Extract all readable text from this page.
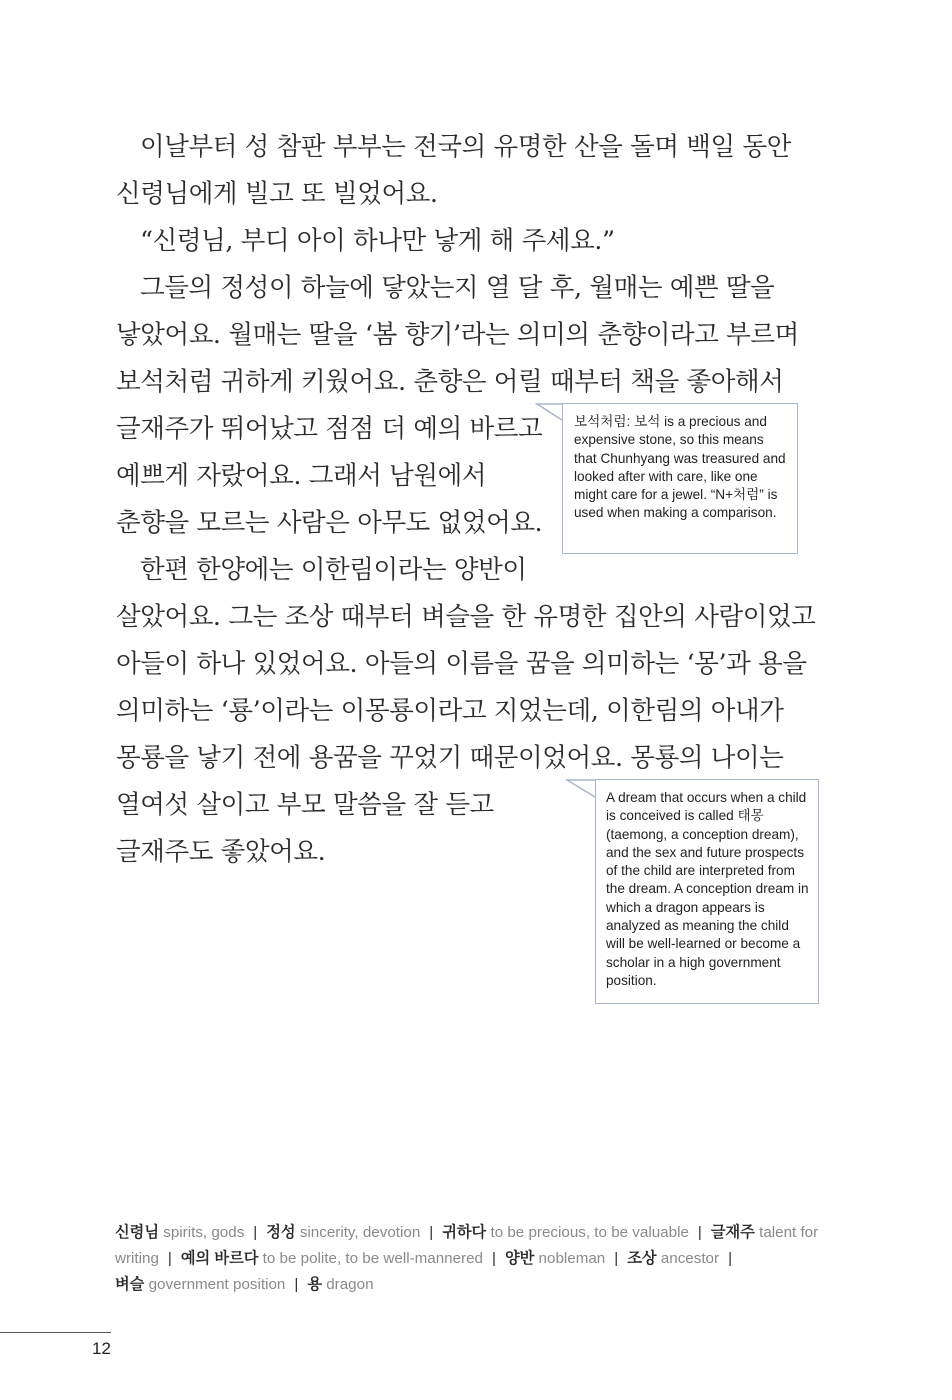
이날부터 성 참판 부부는 전국의 유명한 산을 돌며 백일 동안
신령님에게 빌고 또 빌었어요.
“신령님, 부디 아이 하나만 낳게 해 주세요.”
그들의 정성이 하늘에 닿았는지 열 달 후, 월매는 예쁜 딸을
낳았어요. 월매는 딸을 ‘봄 향기’라는 의미의 춘향이라고 부르며
보석처럼 귀하게 키웠어요. 춘향은 어릴 때부터 책을 좋아해서
글재주가 뛰어났고 점점 더 예의 바르고
예쁘게 자랐어요. 그래서 남원에서
춘향을 모르는 사람은 아무도 없었어요.
한편 한양에는 이한림이라는 양반이
살았어요. 그는 조상 때부터 벼슬을 한 유명한 집안의 사람이었고
아들이 하나 있었어요. 아들의 이름을 꿈을 의미하는 ‘몽’과 용을
의미하는 ‘룡’이라는 이몽룡이라고 지었는데, 이한림의 아내가
몽룡을 낳기 전에 용꿈을 꾸었기 때문이었어요. 몽룡의 나이는
열여섯 살이고 부모 말씀을 잘 듣고
글재주도 좋았어요.
보석처럼: 보석 is a precious and expensive stone, so this means that Chunhyang was treasured and looked after with care, like one might care for a jewel. “N+처럼” is used when making a comparison.
A dream that occurs when a child is conceived is called 태몽 (taemong, a conception dream), and the sex and future prospects of the child are interpreted from the dream. A conception dream in which a dragon appears is analyzed as meaning the child will be well-learned or become a scholar in a high government position.
신령님 spirits, gods | 정성 sincerity, devotion | 귀하다 to be precious, to be valuable | 글재주 talent for writing | 예의 바르다 to be polite, to be well-mannered | 양반 nobleman | 조상 ancestor |
벼슬 government position | 용 dragon
12
